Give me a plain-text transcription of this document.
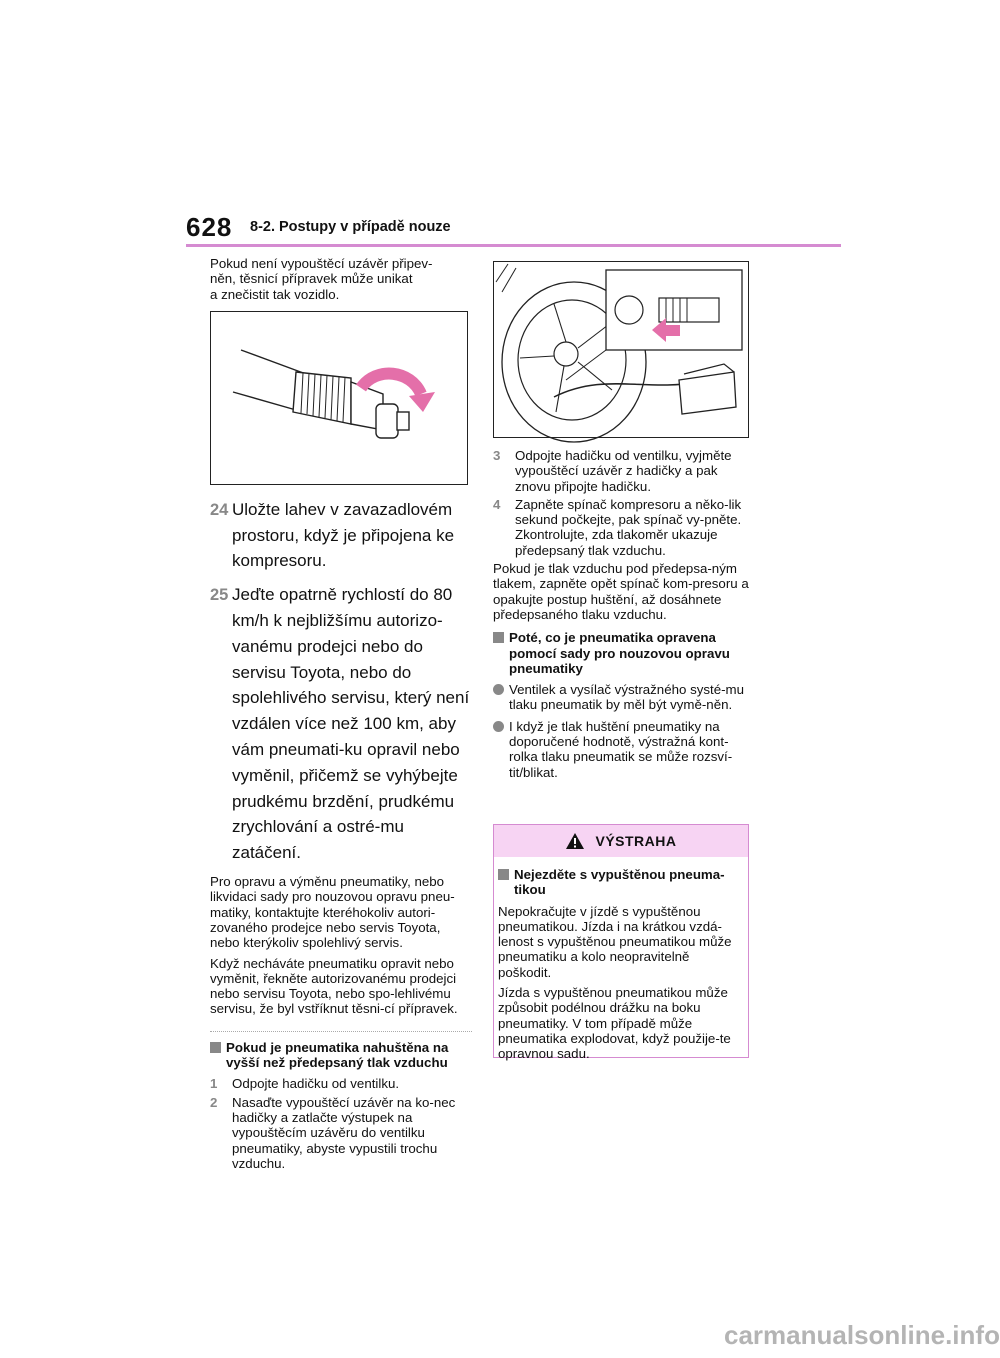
628 8-2. Postupy v případě nouze

Pokud není vypouštěcí uzávěr připev-
něn, těsnicí přípravek může unikat
a znečistit tak vozidlo.

24 Uložte lahev v zavazadlovém prostoru, když je připojena ke kompresoru.
25 Jeďte opatrně rychlostí do 80 km/h k nejbližšímu autorizo-vanému prodejci nebo do servisu Toyota, nebo do spolehlivého servisu, který není vzdálen více než 100 km, aby vám pneumati-ku opravil nebo vyměnil, přičemž se vyhýbejte prudkému brzdění, prudkému zrychlování a ostré-mu zatáčení.

Pro opravu a výměnu pneumatiky, nebo likvidaci sady pro nouzovou opravu pneu-matiky, kontaktujte kteréhokoliv autori-zovaného prodejce nebo servis Toyota, nebo kterýkoliv spolehlivý servis.

Když necháváte pneumatiku opravit nebo vyměnit, řekněte autorizovanému prodejci nebo servisu Toyota, nebo spo-lehlivému servisu, že byl vstříknut těsni-cí přípravek.

Pokud je pneumatika nahuštěna na vyšší než předepsaný tlak vzduchu
1	Odpojte hadičku od ventilku.
2	Nasaďte vypouštěcí uzávěr na ko-nec hadičky a zatlačte výstupek na vypouštěcím uzávěru do ventilku pneumatiky, abyste vypustili trochu vzduchu.
3	Odpojte hadičku od ventilku, vyjměte vypouštěcí uzávěr z hadičky a pak znovu připojte hadičku.
4	Zapněte spínač kompresoru a něko-lik sekund počkejte, pak spínač vy-pněte. Zkontrolujte, zda tlakoměr ukazuje předepsaný tlak vzduchu.

Pokud je tlak vzduchu pod předepsa-ným tlakem, zapněte opět spínač kom-presoru a opakujte postup huštění, až dosáhnete předepsaného tlaku vzduchu.

Poté, co je pneumatika opravena pomocí sady pro nouzovou opravu pneumatiky
Ventilek a vysílač výstražného systé-mu tlaku pneumatik by měl být vymě-něn.
I když je tlak huštění pneumatiky na doporučené hodnotě, výstražná kont-rolka tlaku pneumatik se může rozsví-tit/blikat.
VÝSTRAHA
Nejezděte s vypuštěnou pneuma-tikou

Nepokračujte v jízdě s vypuštěnou pneumatikou. Jízda i na krátkou vzdá-lenost s vypuštěnou pneumatikou může pneumatiku a kolo neopravitelně poškodit.

Jízda s vypuštěnou pneumatikou může způsobit podélnou drážku na boku pneumatiky. V tom případě může pneumatika explodovat, když použije-te opravnou sadu.

carmanualsonline.info
